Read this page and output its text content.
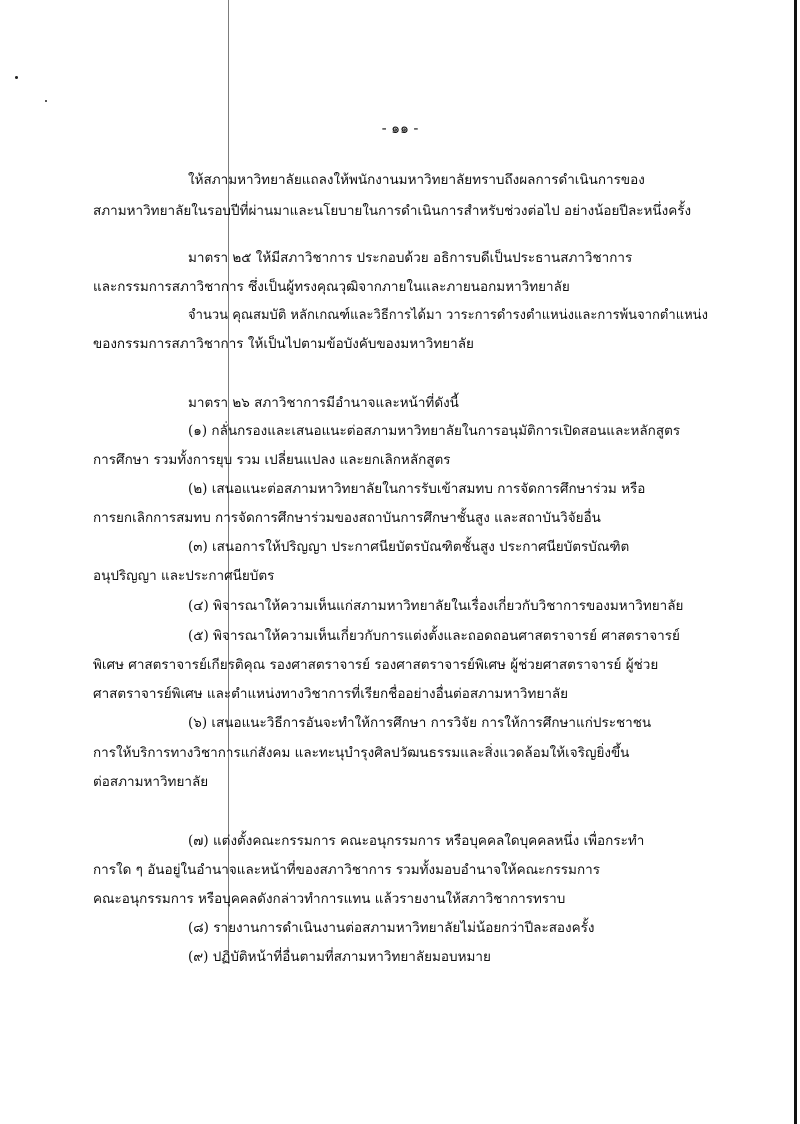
- ๑๑ -
ให้สภามหาวิทยาลัยแถลงให้พนักงานมหาวิทยาลัยทราบถึงผลการดำเนินการของ
สภามหาวิทยาลัยในรอบปีที่ผ่านมาและนโยบายในการดำเนินการสำหรับช่วงต่อไป อย่างน้อยปีละหนึ่งครั้ง
มาตรา ๒๕ ให้มีสภาวิชาการ ประกอบด้วย อธิการบดีเป็นประธานสภาวิชาการ
และกรรมการสภาวิชาการ ซึ่งเป็นผู้ทรงคุณวุฒิจากภายในและภายนอกมหาวิทยาลัย
จำนวน คุณสมบัติ หลักเกณฑ์และวิธีการได้มา วาระการดำรงตำแหน่งและการพ้นจากตำแหน่ง
ของกรรมการสภาวิชาการ ให้เป็นไปตามข้อบังคับของมหาวิทยาลัย
มาตรา ๒๖ สภาวิชาการมีอำนาจและหน้าที่ดังนี้
(๑) กลั่นกรองและเสนอแนะต่อสภามหาวิทยาลัยในการอนุมัติการเปิดสอนและหลักสูตร
การศึกษา รวมทั้งการยุบ รวม เปลี่ยนแปลง และยกเลิกหลักสูตร
(๒) เสนอแนะต่อสภามหาวิทยาลัยในการรับเข้าสมทบ การจัดการศึกษาร่วม หรือ
การยกเลิกการสมทบ การจัดการศึกษาร่วมของสถาบันการศึกษาชั้นสูง และสถาบันวิจัยอื่น
(๓) เสนอการให้ปริญญา ประกาศนียบัตรบัณฑิตชั้นสูง ประกาศนียบัตรบัณฑิต
อนุปริญญา และประกาศนียบัตร
(๔) พิจารณาให้ความเห็นแก่สภามหาวิทยาลัยในเรื่องเกี่ยวกับวิชาการของมหาวิทยาลัย
(๕) พิจารณาให้ความเห็นเกี่ยวกับการแต่งตั้งและถอดถอนศาสตราจารย์ ศาสตราจารย์
พิเศษ ศาสตราจารย์เกียรติคุณ รองศาสตราจารย์ รองศาสตราจารย์พิเศษ ผู้ช่วยศาสตราจารย์ ผู้ช่วย
ศาสตราจารย์พิเศษ และตำแหน่งทางวิชาการที่เรียกชื่ออย่างอื่นต่อสภามหาวิทยาลัย
(๖) เสนอแนะวิธีการอันจะทำให้การศึกษา การวิจัย การให้การศึกษาแก่ประชาชน
การให้บริการทางวิชาการแก่สังคม และทะนุบำรุงศิลปวัฒนธรรมและสิ่งแวดล้อมให้เจริญยิ่งขึ้น
ต่อสภามหาวิทยาลัย
(๗) แต่งตั้งคณะกรรมการ คณะอนุกรรมการ หรือบุคคลใดบุคคลหนึ่ง เพื่อกระทำ
การใด ๆ อันอยู่ในอำนาจและหน้าที่ของสภาวิชาการ รวมทั้งมอบอำนาจให้คณะกรรมการ
คณะอนุกรรมการ หรือบุคคลดังกล่าวทำการแทน แล้วรายงานให้สภาวิชาการทราบ
(๘) รายงานการดำเนินงานต่อสภามหาวิทยาลัยไม่น้อยกว่าปีละสองครั้ง
(๙) ปฏิบัติหน้าที่อื่นตามที่สภามหาวิทยาลัยมอบหมาย
